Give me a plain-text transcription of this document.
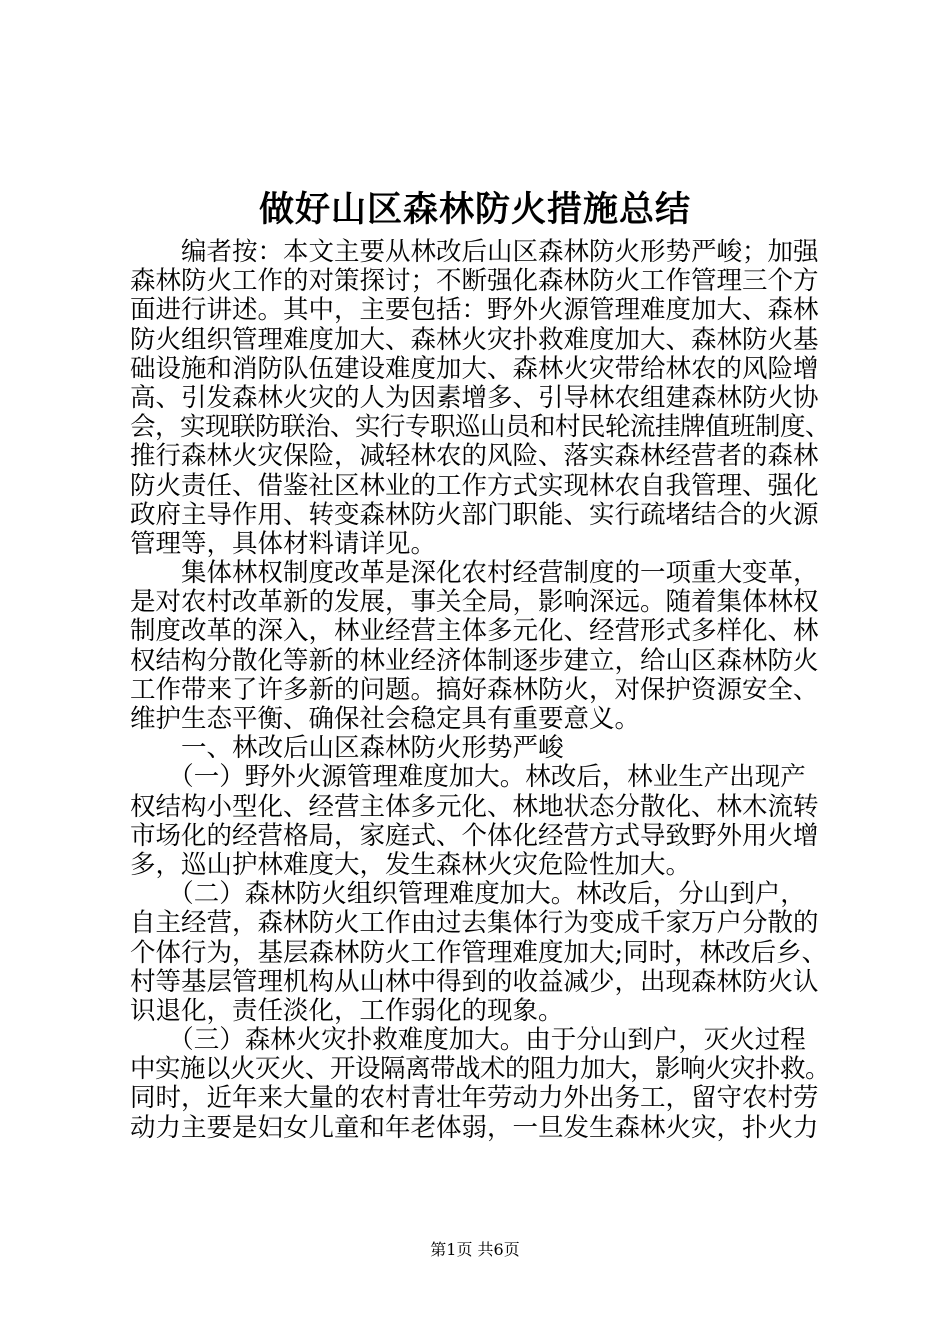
做好山区森林防火措施总结
　　编者按：本文主要从林改后山区森林防火形势严峻；加强
森林防火工作的对策探讨；不断强化森林防火工作管理三个方
面进行讲述。其中，主要包括：野外火源管理难度加大、森林
防火组织管理难度加大、森林火灾扑救难度加大、森林防火基
础设施和消防队伍建设难度加大、森林火灾带给林农的风险增
高、引发森林火灾的人为因素增多、引导林农组建森林防火协
会，实现联防联治、实行专职巡山员和村民轮流挂牌值班制度、
推行森林火灾保险，减轻林农的风险、落实森林经营者的森林
防火责任、借鉴社区林业的工作方式实现林农自我管理、强化
政府主导作用、转变森林防火部门职能、实行疏堵结合的火源
管理等，具体材料请详见。
　　集体林权制度改革是深化农村经营制度的一项重大变革，
是对农村改革新的发展，事关全局，影响深远。随着集体林权
制度改革的深入，林业经营主体多元化、经营形式多样化、林
权结构分散化等新的林业经济体制逐步建立，给山区森林防火
工作带来了许多新的问题。搞好森林防火，对保护资源安全、
维护生态平衡、确保社会稳定具有重要意义。
　　一、林改后山区森林防火形势严峻
　　（一）野外火源管理难度加大。林改后，林业生产出现产
权结构小型化、经营主体多元化、林地状态分散化、林木流转
市场化的经营格局，家庭式、个体化经营方式导致野外用火增
多，巡山护林难度大，发生森林火灾危险性加大。
　　（二）森林防火组织管理难度加大。林改后，分山到户，
自主经营，森林防火工作由过去集体行为变成千家万户分散的
个体行为，基层森林防火工作管理难度加大;同时，林改后乡、
村等基层管理机构从山林中得到的收益减少，出现森林防火认
识退化，责任淡化，工作弱化的现象。
　　（三）森林火灾扑救难度加大。由于分山到户，灭火过程
中实施以火灭火、开设隔离带战术的阻力加大，影响火灾扑救。
同时，近年来大量的农村青壮年劳动力外出务工，留守农村劳
动力主要是妇女儿童和年老体弱，一旦发生森林火灾，扑火力
第1页 共6页
